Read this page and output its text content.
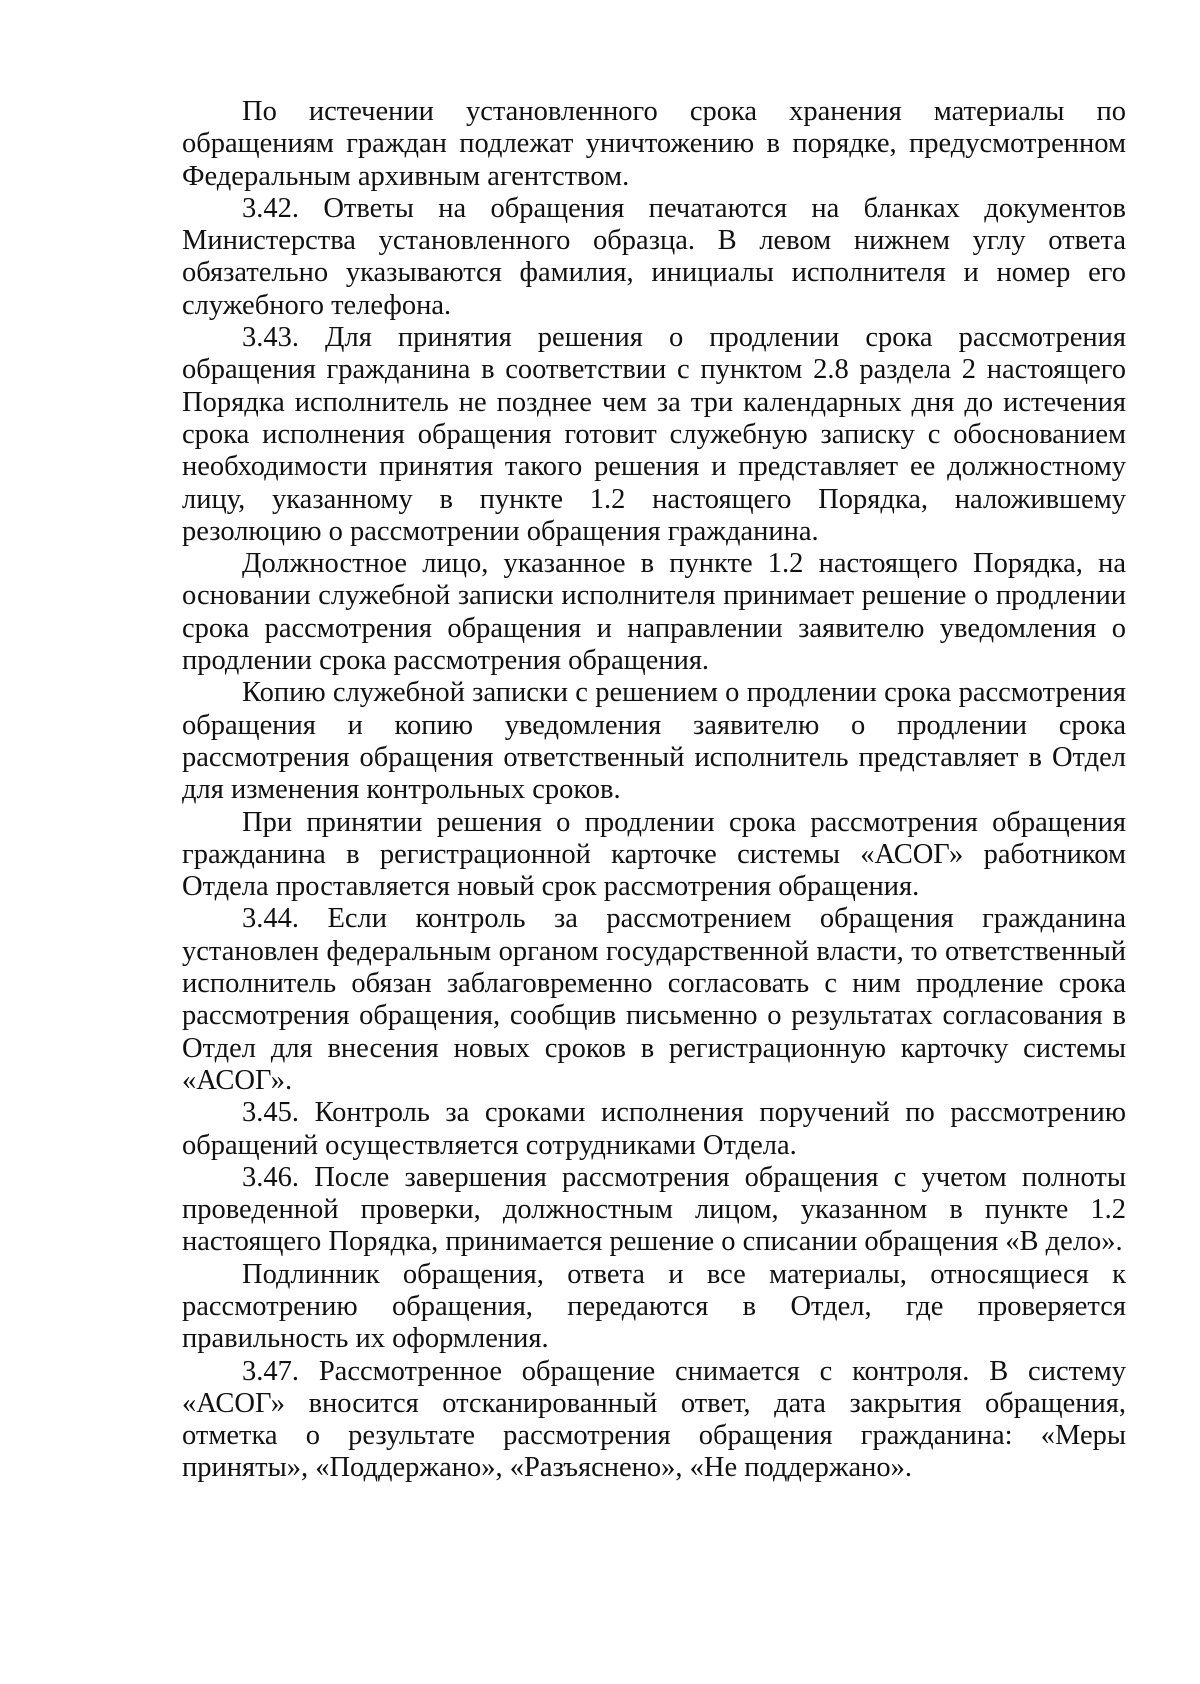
По истечении установленного срока хранения материалы по обращениям граждан подлежат уничтожению в порядке, предусмотренном Федеральным архивным агентством.

3.42. Ответы на обращения печатаются на бланках документов Министерства установленного образца. В левом нижнем углу ответа обязательно указываются фамилия, инициалы исполнителя и номер его служебного телефона.

3.43. Для принятия решения о продлении срока рассмотрения обращения гражданина в соответствии с пунктом 2.8 раздела 2 настоящего Порядка исполнитель не позднее чем за три календарных дня до истечения срока исполнения обращения готовит служебную записку с обоснованием необходимости принятия такого решения и представляет ее должностному лицу, указанному в пункте 1.2 настоящего Порядка, наложившему резолюцию о рассмотрении обращения гражданина.

Должностное лицо, указанное в пункте 1.2 настоящего Порядка, на основании служебной записки исполнителя принимает решение о продлении срока рассмотрения обращения и направлении заявителю уведомления о продлении срока рассмотрения обращения.

Копию служебной записки с решением о продлении срока рассмотрения обращения и копию уведомления заявителю о продлении срока рассмотрения обращения ответственный исполнитель представляет в Отдел для изменения контрольных сроков.

При принятии решения о продлении срока рассмотрения обращения гражданина в регистрационной карточке системы «АСОГ» работником Отдела проставляется новый срок рассмотрения обращения.

3.44. Если контроль за рассмотрением обращения гражданина установлен федеральным органом государственной власти, то ответственный исполнитель обязан заблаговременно согласовать с ним продление срока рассмотрения обращения, сообщив письменно о результатах согласования в Отдел для внесения новых сроков в регистрационную карточку системы «АСОГ».

3.45. Контроль за сроками исполнения поручений по рассмотрению обращений осуществляется сотрудниками Отдела.

3.46. После завершения рассмотрения обращения с учетом полноты проведенной проверки, должностным лицом, указанном в пункте 1.2 настоящего Порядка, принимается решение о списании обращения «В дело».

Подлинник обращения, ответа и все материалы, относящиеся к рассмотрению обращения, передаются в Отдел, где проверяется правильность их оформления.

3.47. Рассмотренное обращение снимается с контроля. В систему «АСОГ» вносится отсканированный ответ, дата закрытия обращения, отметка о результате рассмотрения обращения гражданина: «Меры приняты», «Поддержано», «Разъяснено», «Не поддержано».
